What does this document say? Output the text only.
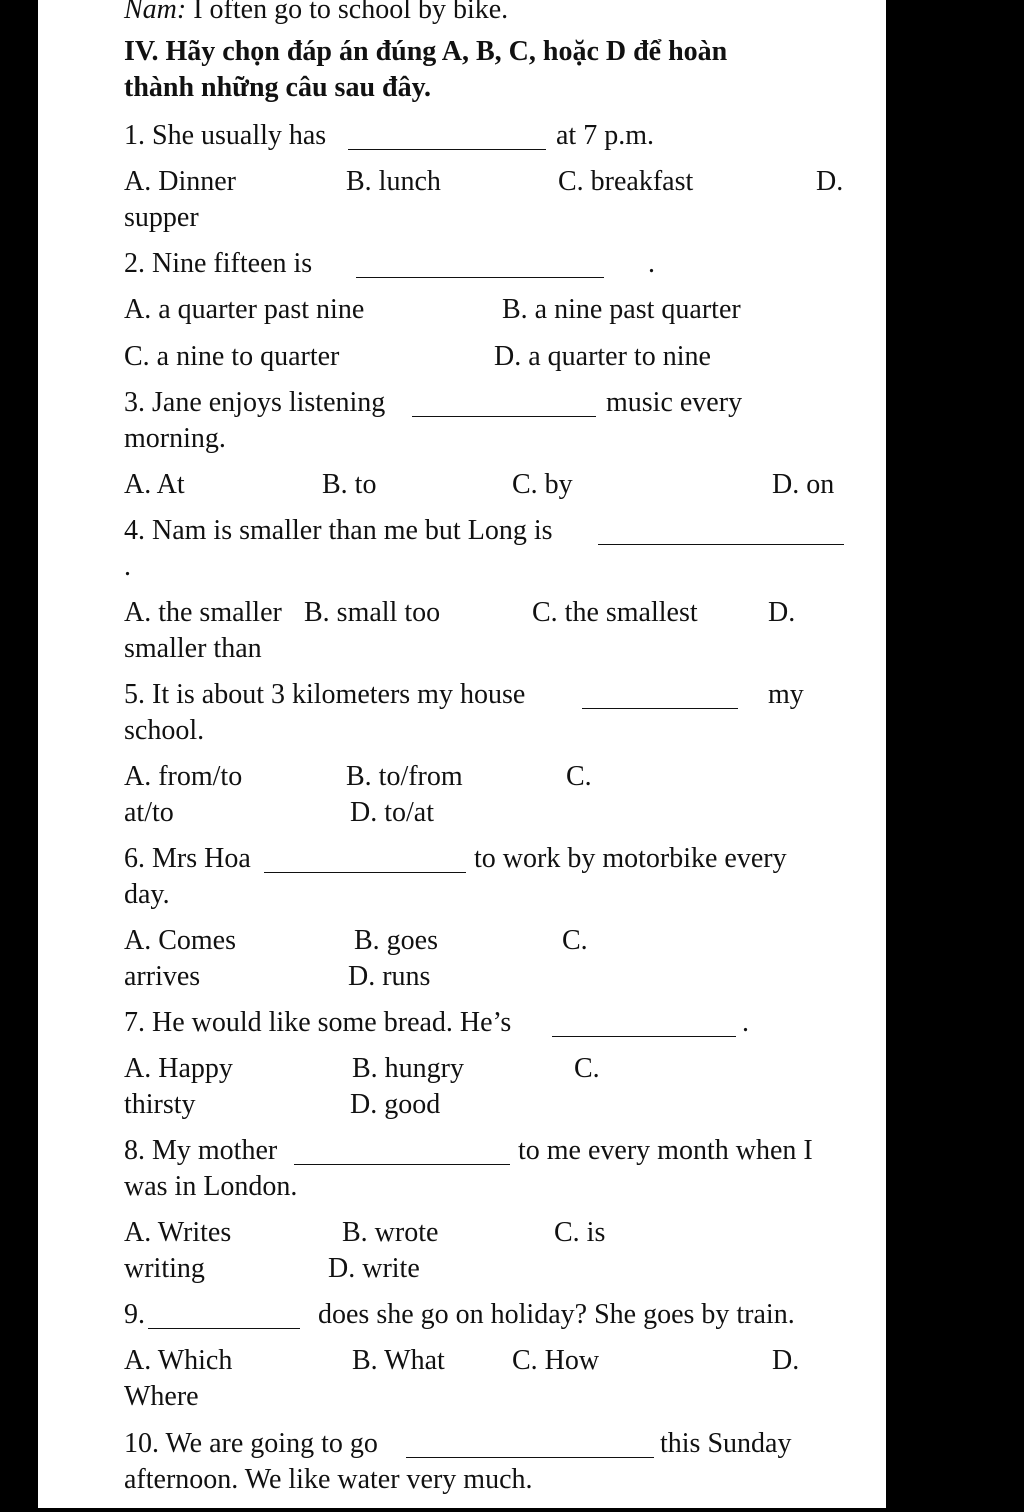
Nam: I often go to school by bike.
IV. Hãy chọn đáp án đúng A, B, C, hoặc D để hoàn
thành những câu sau đây.
1. She usually has	at 7 p.m.
A. Dinner	B. lunch	C. breakfast	D.
supper
2. Nine fifteen is	.
A. a quarter past nine	B. a nine past quarter
C. a nine to quarter	D. a quarter to nine
3. Jane enjoys listening	music every
morning.
A. At	B. to	C. by	D. on
4. Nam is smaller than me but Long is
.
A. the smaller B. small too	C. the smallest	D.
smaller than
5. It is about 3 kilometers my house	my
school.
A. from/to	B. to/from	C.
at/to	D. to/at
6. Mrs Hoa	to work by motorbike every
day.
A. Comes	B. goes	C.
arrives	D. runs
7. He would like some bread. He’s	.
A. Happy	B. hungry	C.
thirsty	D. good
8. My mother	to me every month when I
was in London.
A. Writes	B. wrote	C. is
writing	D. write
9.	does she go on holiday? She goes by train.
A. Which	B. What C. How	D.
Where
10. We are going to go	this Sunday
afternoon. We like water very much.
